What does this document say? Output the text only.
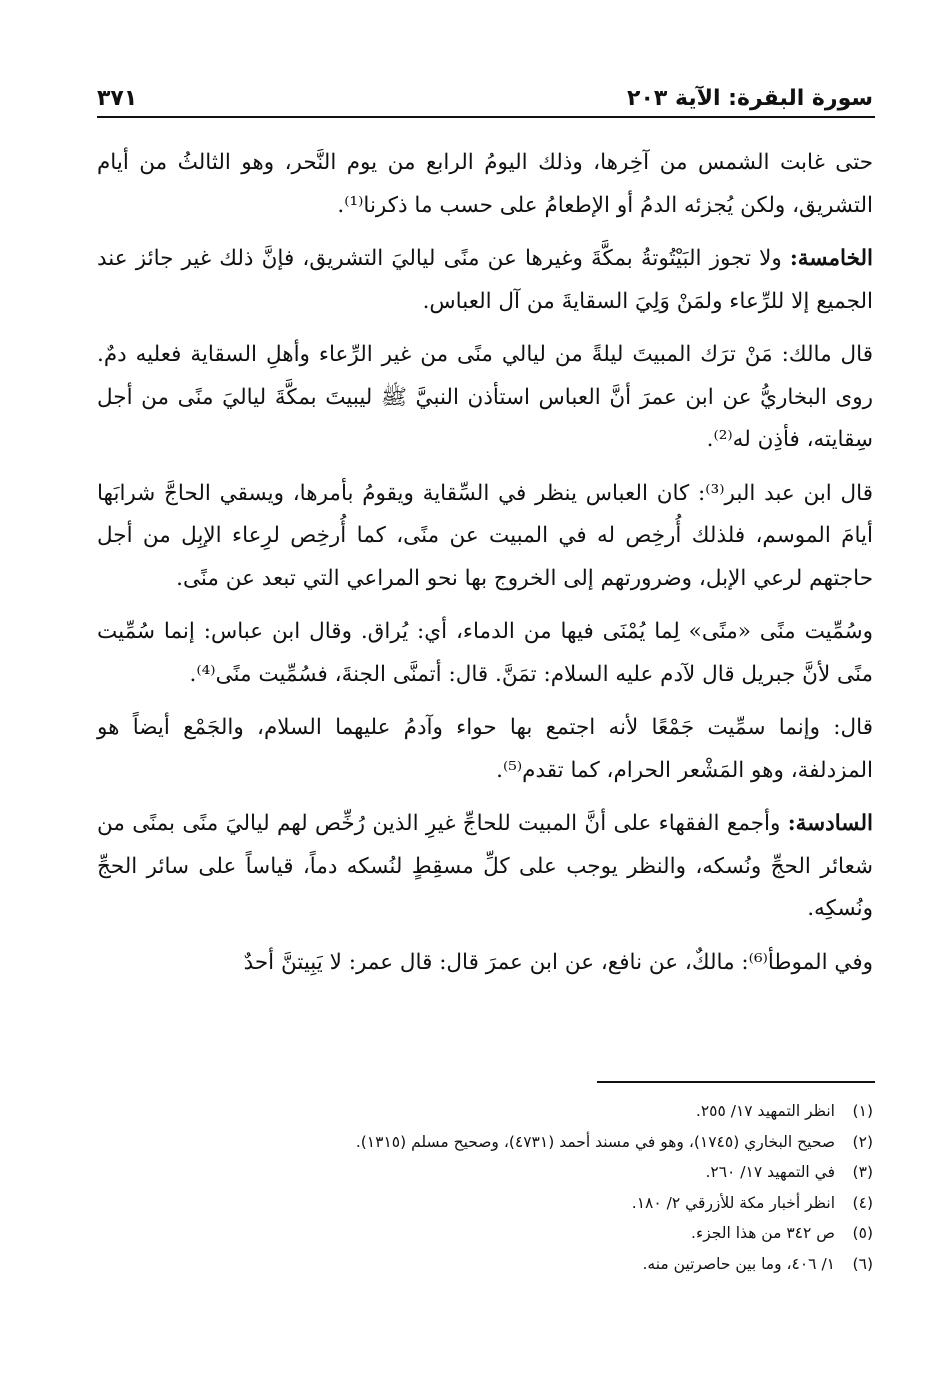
سورة البقرة: الآية ٢٠٣
٣٧١

حتى غابت الشمس من آخِرها، وذلك اليومُ الرابع من يوم النَّحر، وهو الثالثُ من أيام التشريق، ولكن يُجزئه الدمُ أو الإطعامُ على حسب ما ذكرنا⁽¹⁾.

الخامسة: ولا تجوز البَيْتُوتةُ بمكَّةَ وغيرها عن منًى لياليَ التشريق، فإنَّ ذلك غير جائز عند الجميع إلا للرِّعاء ولمَنْ وَلِيَ السقايةَ من آل العباس.

قال مالك: مَنْ ترَك المبيتَ ليلةً من ليالي منًى من غير الرِّعاء وأهلِ السقاية فعليه دمٌ. روى البخاريُّ عن ابن عمرَ أنَّ العباس استأذن النبيَّ ﷺ ليبيتَ بمكَّةَ لياليَ منًى من أجل سِقايته، فأذِن له⁽²⁾.

قال ابن عبد البر⁽³⁾: كان العباس ينظر في السِّقاية ويقومُ بأمرها، ويسقي الحاجَّ شرابَها أيامَ الموسم، فلذلك أُرخِص له في المبيت عن منًى، كما أُرخِص لرِعاء الإبِل من أجل حاجتهم لرعي الإبل، وضرورتهم إلى الخروج بها نحو المراعي التي تبعد عن منًى.

وسُمِّيت منًى «منًى» لِما يُمْنَى فيها من الدماء، أي: يُراق. وقال ابن عباس: إنما سُمِّيت منًى لأنَّ جبريل قال لآدم عليه السلام: تمَنَّ. قال: أتمنَّى الجنةَ، فسُمِّيت منًى⁽⁴⁾.

قال: وإنما سمِّيت جَمْعًا لأنه اجتمع بها حواء وآدمُ عليهما السلام، والجَمْع أيضاً هو المزدلفة، وهو المَشْعر الحرام، كما تقدم⁽⁵⁾.

السادسة: وأجمع الفقهاء على أنَّ المبيت للحاجِّ غيرِ الذين رُخِّص لهم لياليَ منًى بمنًى من شعائر الحجِّ ونُسكه، والنظر يوجب على كلِّ مسقِطٍ لنُسكه دماً، قياساً على سائر الحجِّ ونُسكِه.

وفي الموطأ⁽⁶⁾: مالكٌ، عن نافع، عن ابن عمرَ قال: قال عمر: لا يَبِيتنَّ أحدٌ

(١)
انظر التمهيد ١٧/ ٢٥٥.
(٢)
صحيح البخاري (١٧٤٥)، وهو في مسند أحمد (٤٧٣١)، وصحيح مسلم (١٣١٥).
(٣)
في التمهيد ١٧/ ٢٦٠.
(٤)
انظر أخبار مكة للأزرقي ٢/ ١٨٠.
(٥)
ص ٣٤٢ من هذا الجزء.
(٦)
١/ ٤٠٦، وما بين حاصرتين منه.
